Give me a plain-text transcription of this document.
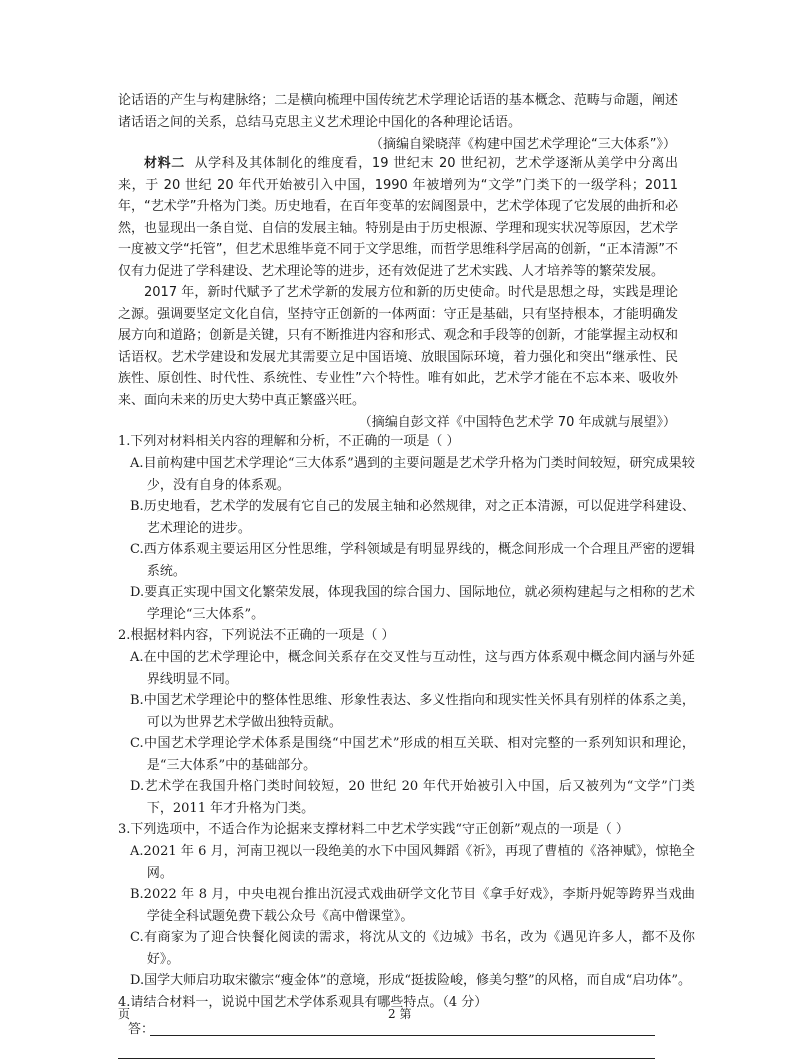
论话语的产生与构建脉络；二是横向梳理中国传统艺术学理论话语的基本概念、范畴与命题，阐述诸话语之间的关系，总结马克思主义艺术理论中国化的各种理论话语。
（摘编自梁晓萍《构建中国艺术学理论“三大体系”》）
材料二 从学科及其体制化的维度看，19 世纪末 20 世纪初，艺术学逐渐从美学中分离出来，于 20 世纪 20 年代开始被引入中国，1990 年被增列为“文学”门类下的一级学科；2011 年，“艺术学”升格为门类。历史地看，在百年变革的宏阔图景中，艺术学体现了它发展的曲折和必然，也显现出一条自觉、自信的发展主轴。特别是由于历史根源、学理和现实状况等原因，艺术学一度被文学“托管”，但艺术思维毕竟不同于文学思维，而哲学思维科学居高的创新，“正本清源”不仅有力促进了学科建设、艺术理论等的进步，还有效促进了艺术实践、人才培养等的繁荣发展。
2017 年，新时代赋予了艺术学新的发展方位和新的历史使命。时代是思想之母，实践是理论之源。强调要坚定文化自信，坚持守正创新的一体两面：守正是基础，只有坚持根本，才能明确发展方向和道路；创新是关键，只有不断推进内容和形式、观念和手段等的创新，才能掌握主动权和话语权。艺术学建设和发展尤其需要立足中国语境、放眼国际环境，着力强化和突出“继承性、民族性、原创性、时代性、系统性、专业性”六个特性。唯有如此，艺术学才能在不忘本来、吸收外来、面向未来的历史大势中真正繁盛兴旺。
（摘编自彭文祥《中国特色艺术学 70 年成就与展望》）
1.下列对材料相关内容的理解和分析，不正确的一项是（ ）
A.目前构建中国艺术学理论“三大体系”遇到的主要问题是艺术学升格为门类时间较短，研究成果较少，没有自身的体系观。
B.历史地看，艺术学的发展有它自己的发展主轴和必然规律，对之正本清源，可以促进学科建设、艺术理论的进步。
C.西方体系观主要运用区分性思维，学科领域是有明显界线的，概念间形成一个合理且严密的逻辑系统。
D.要真正实现中国文化繁荣发展，体现我国的综合国力、国际地位，就必须构建起与之相称的艺术学理论“三大体系”。
2.根据材料内容，下列说法不正确的一项是（ ）
A.在中国的艺术学理论中，概念间关系存在交叉性与互动性，这与西方体系观中概念间内涵与外延界线明显不同。
B.中国艺术学理论中的整体性思维、形象性表达、多义性指向和现实性关怀具有别样的体系之美，可以为世界艺术学做出独特贡献。
C.中国艺术学理论学术体系是围绕“中国艺术”形成的相互关联、相对完整的一系列知识和理论，是“三大体系”中的基础部分。
D.艺术学在我国升格门类时间较短，20 世纪 20 年代开始被引入中国，后又被列为“文学”门类下，2011 年才升格为门类。
3.下列选项中，不适合作为论据来支撑材料二中艺术学实践“守正创新”观点的一项是（ ）
A.2021 年 6 月，河南卫视以一段绝美的水下中国风舞蹈《祈》，再现了曹植的《洛神赋》，惊艳全网。
B.2022 年 8 月，中央电视台推出沉浸式戏曲研学文化节目《拿手好戏》，李斯丹妮等跨界当戏曲学徒全科试题免费下载公众号《高中僧课堂》。
C.有商家为了迎合快餐化阅读的需求，将沈从文的《边城》书名，改为《遇见许多人，都不及你好》。
D.国学大师启功取宋徽宗“瘦金体”的意境，形成“挺拔险峻，修美匀整”的风格，而自成“启功体”。
页	2 第
4.请结合材料一，说说中国艺术学体系观具有哪些特点。（4 分）
答：
